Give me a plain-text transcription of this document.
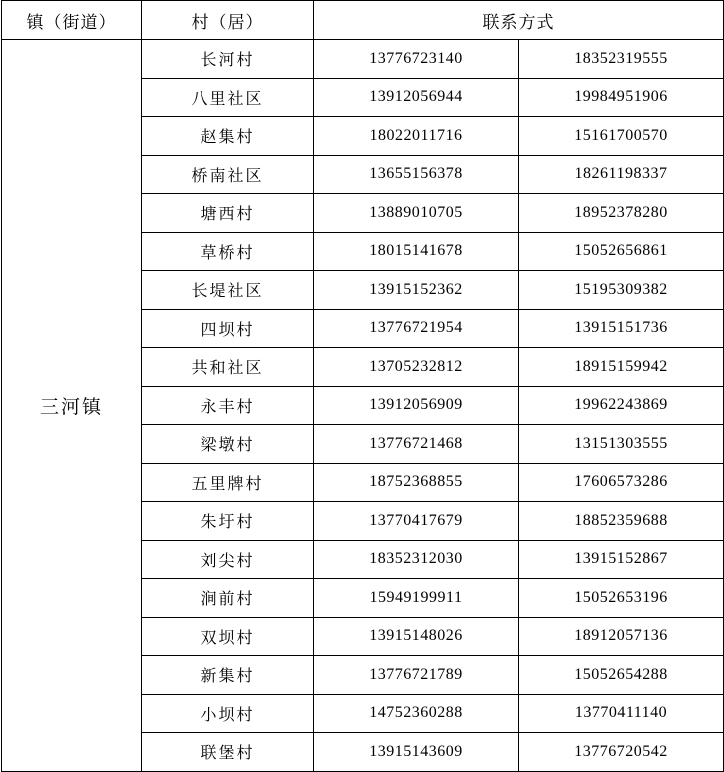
镇（街道）	村（居）	联系方式	
三河镇	长河村	13776723140	18352319555
	八里社区	13912056944	19984951906
	赵集村	18022011716	15161700570
	桥南社区	13655156378	18261198337
	塘西村	13889010705	18952378280
	草桥村	18015141678	15052656861
	长堤社区	13915152362	15195309382
	四坝村	13776721954	13915151736
	共和社区	13705232812	18915159942
	永丰村	13912056909	19962243869
	梁墩村	13776721468	13151303555
	五里牌村	18752368855	17606573286
	朱圩村	13770417679	18852359688
	刘尖村	18352312030	13915152867
	涧前村	15949199911	15052653196
	双坝村	13915148026	18912057136
	新集村	13776721789	15052654288
	小坝村	14752360288	13770411140
	联堡村	13915143609	13776720542
